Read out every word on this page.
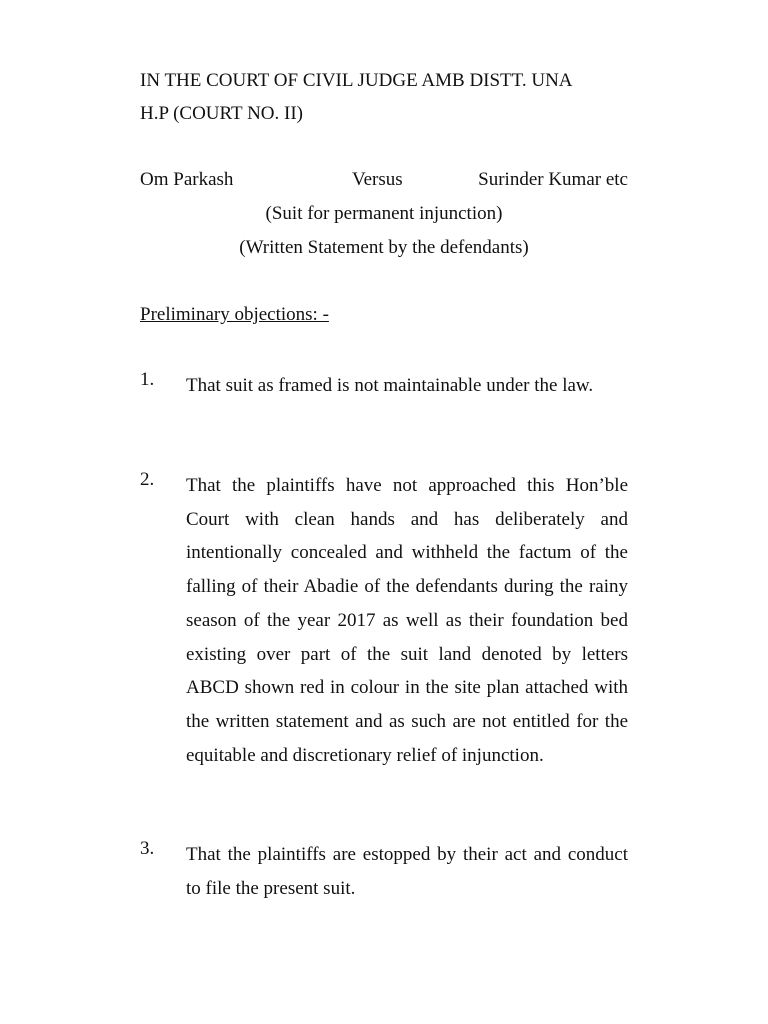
IN THE COURT OF CIVIL JUDGE AMB DISTT. UNA
H.P (COURT NO. II)
Om Parkash	Versus	Surinder Kumar etc
(Suit for permanent injunction)
(Written Statement by the defendants)
Preliminary objections: -
1. That suit as framed is not maintainable under the law.
2. That the plaintiffs have not approached this Hon’ble Court with clean hands and has deliberately and intentionally concealed and withheld the factum of the falling of their Abadie of the defendants during the rainy season of the year 2017 as well as their foundation bed existing over part of the suit land denoted by letters ABCD shown red in colour in the site plan attached with the written statement and as such are not entitled for the equitable and discretionary relief of injunction.
3. That the plaintiffs are estopped by their act and conduct to file the present suit.
